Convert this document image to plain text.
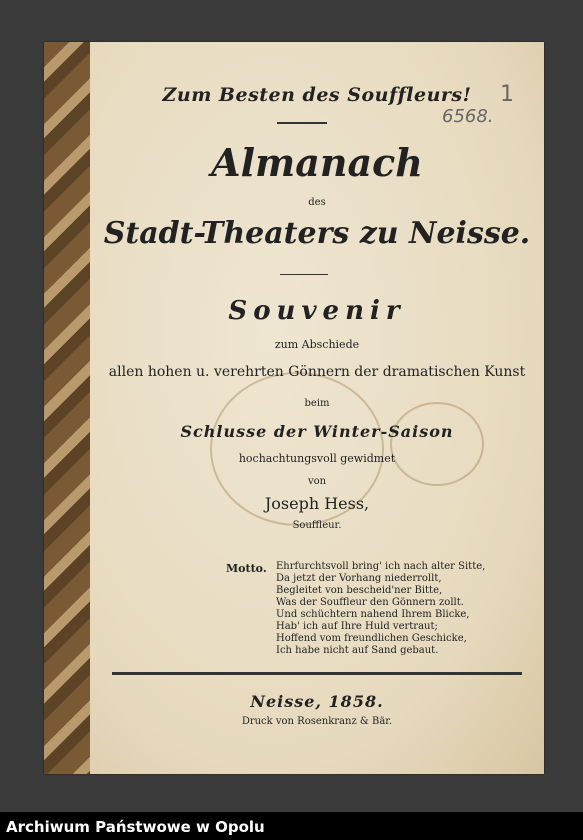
1
6568.
Zum Besten des Souffleurs!
Almanach
des
Stadt-Theaters zu Neisse.
Souvenir
zum Abschiede
allen hohen u. verehrten Gönnern der dramatischen Kunst
beim
Schlusse der Winter-Saison
hochachtungsvoll gewidmet
von
Joseph Hess,
Souffleur.
Motto. Ehrfurchtsvoll bring' ich nach alter Sitte,
Da jetzt der Vorhang niederrollt,
Begleitet von bescheid'ner Bitte,
Was der Souffleur den Gönnern zollt.
Und schüchtern nahend Ihrem Blicke,
Hab' ich auf Ihre Huld vertraut;
Hoffend vom freundlichen Geschicke,
Ich habe nicht auf Sand gebaut.
Neisse, 1858.
Druck von Rosenkranz & Bär.
Archiwum Państwowe w Opolu
